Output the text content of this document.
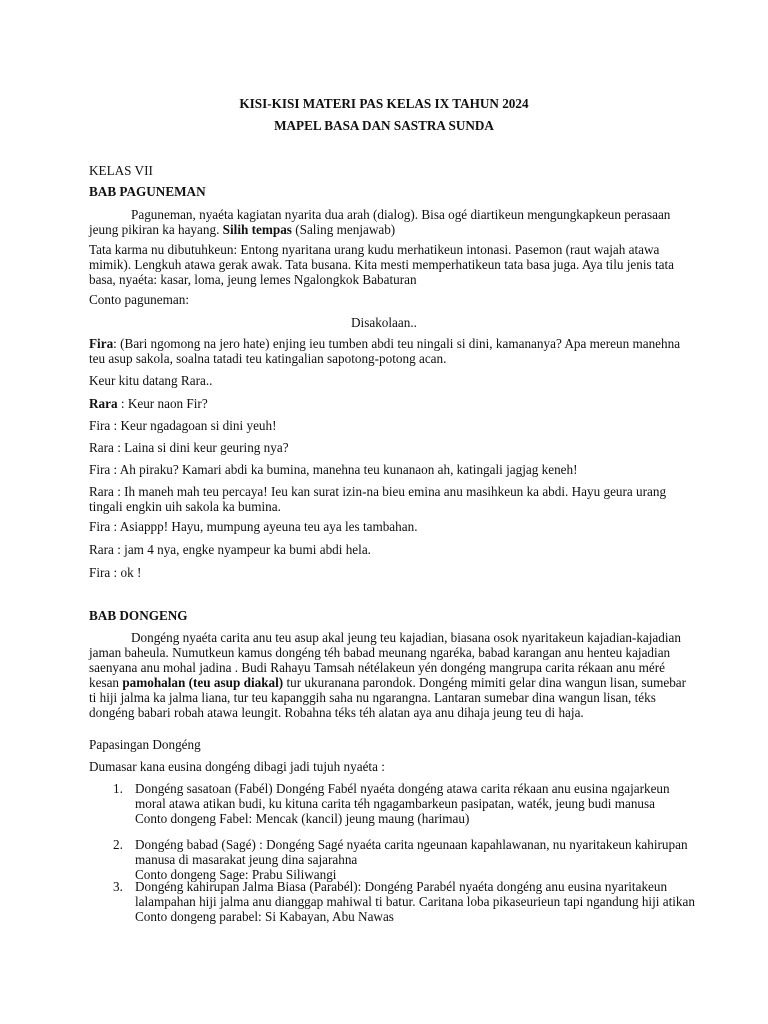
KISI-KISI MATERI PAS KELAS IX TAHUN 2024

MAPEL BASA DAN SASTRA SUNDA

KELAS VII

BAB PAGUNEMAN

Paguneman, nyaéta kagiatan nyarita dua arah (dialog). Bisa ogé diartikeun mengungkapkeun perasaan jeung pikiran ka hayang. Silih tempas (Saling menjawab)

Tata karma nu dibutuhkeun: Entong nyaritana urang kudu merhatikeun intonasi. Pasemon (raut wajah atawa mimik). Lengkuh atawa gerak awak. Tata busana. Kita mesti memperhatikeun tata basa juga. Aya tilu jenis tata basa, nyaéta: kasar, loma, jeung lemes Ngalongkok Babaturan

Conto paguneman:

Disakolaan..

Fira: (Bari ngomong na jero hate) enjing ieu tumben abdi teu ningali si dini, kamananya? Apa mereun manehna teu asup sakola, soalna tatadi teu katingalian sapotong-potong acan.

Keur kitu datang Rara..

Rara : Keur naon Fir?

Fira : Keur ngadagoan si dini yeuh!

Rara : Laina si dini keur geuring nya?

Fira : Ah piraku? Kamari abdi ka bumina, manehna teu kunanaon ah, katingali jagjag keneh!

Rara : Ih maneh mah teu percaya! Ieu kan surat izin-na bieu emina anu masihkeun ka abdi. Hayu geura urang tingali engkin uih sakola ka bumina.

Fira : Asiappp! Hayu, mumpung ayeuna teu aya les tambahan.

Rara : jam 4 nya, engke nyampeur ka bumi abdi hela.

Fira : ok !

BAB DONGENG

Dongéng nyaéta carita anu teu asup akal jeung teu kajadian, biasana osok nyaritakeun kajadian-kajadian jaman baheula. Numutkeun kamus dongéng téh babad meunang ngaréka, babad karangan anu henteu kajadian saenyana anu mohal jadina . Budi Rahayu Tamsah nétélakeun yén dongéng mangrupa carita rékaan anu méré kesan pamohalan (teu asup diakal) tur ukuranana parondok. Dongéng mimiti gelar dina wangun lisan, sumebar ti hiji jalma ka jalma liana, tur teu kapanggih saha nu ngarangna. Lantaran sumebar dina wangun lisan, téks dongéng babari robah atawa leungit. Robahna téks téh alatan aya anu dihaja jeung teu di haja.

Papasingan Dongéng

Dumasar kana eusina dongéng dibagi jadi tujuh nyaéta :

1. Dongéng sasatoan (Fabél) Dongéng Fabél nyaéta dongéng atawa carita rékaan anu eusina ngajarkeun moral atawa atikan budi, ku kituna carita téh ngagambarkeun pasipatan, waték, jeung budi manusa
Conto dongeng Fabel: Mencak (kancil) jeung maung (harimau)
2. Dongéng babad (Sagé) : Dongéng Sagé nyaéta carita ngeunaan kapahlawanan, nu nyaritakeun kahirupan manusa di masarakat jeung dina sajarahna
Conto dongeng Sage: Prabu Siliwangi
3. Dongéng kahirupan Jalma Biasa (Parabél): Dongéng Parabél nyaéta dongéng anu eusina nyaritakeun lalampahan hiji jalma anu dianggap mahiwal ti batur. Caritana loba pikaseurieun tapi ngandung hiji atikan
Conto dongeng parabel: Si Kabayan, Abu Nawas
